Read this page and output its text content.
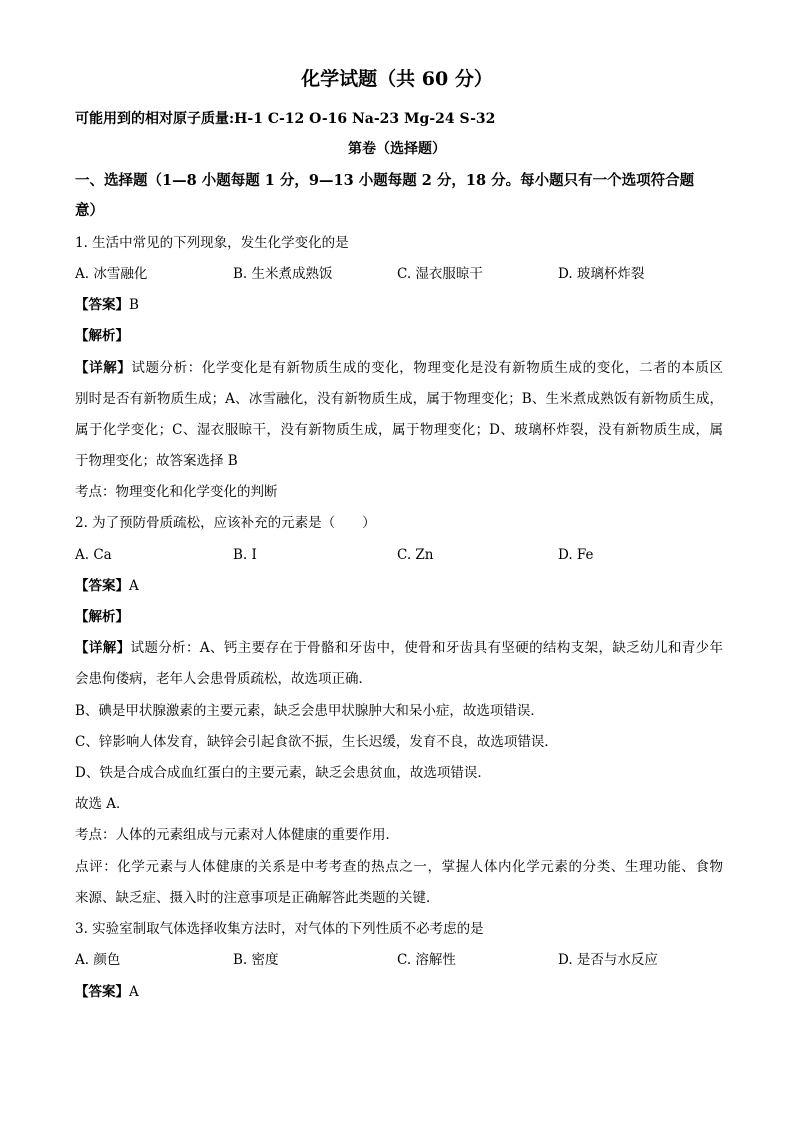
化学试题（共 60 分）
可能用到的相对原子质量:H-1 C-12 O-16 Na-23 Mg-24 S-32
第卷（选择题）
一、选择题（1—8 小题每题 1 分，9—13 小题每题 2 分，18 分。每小题只有一个选项符合题
意）
1. 生活中常见的下列现象，发生化学变化的是
A. 冰雪融化	B. 生米煮成熟饭	C. 湿衣服晾干	D. 玻璃杯炸裂
【答案】B
【解析】
【详解】试题分析：化学变化是有新物质生成的变化，物理变化是没有新物质生成的变化，二者的本质区
别时是否有新物质生成；A、冰雪融化，没有新物质生成，属于物理变化；B、生米煮成熟饭有新物质生成，
属于化学变化；C、湿衣服晾干，没有新物质生成，属于物理变化；D、玻璃杯炸裂，没有新物质生成，属
于物理变化；故答案选择 B
考点：物理变化和化学变化的判断
2. 为了预防骨质疏松，应该补充的元素是（　　）
A. Ca	B. I	C. Zn	D. Fe
【答案】A
【解析】
【详解】试题分析：A、钙主要存在于骨骼和牙齿中，使骨和牙齿具有坚硬的结构支架，缺乏幼儿和青少年
会患佝偻病，老年人会患骨质疏松，故选项正确．
B、碘是甲状腺激素的主要元素，缺乏会患甲状腺肿大和呆小症，故选项错误．
C、锌影响人体发育，缺锌会引起食欲不振，生长迟缓，发育不良，故选项错误．
D、铁是合成合成血红蛋白的主要元素，缺乏会患贫血，故选项错误．
故选 A．
考点：人体的元素组成与元素对人体健康的重要作用．
点评：化学元素与人体健康的关系是中考考查的热点之一，掌握人体内化学元素的分类、生理功能、食物
来源、缺乏症、摄入时的注意事项是正确解答此类题的关键．
3. 实验室制取气体选择收集方法时，对气体的下列性质不必考虑的是
A. 颜色	B. 密度	C. 溶解性	D. 是否与水反应
【答案】A
